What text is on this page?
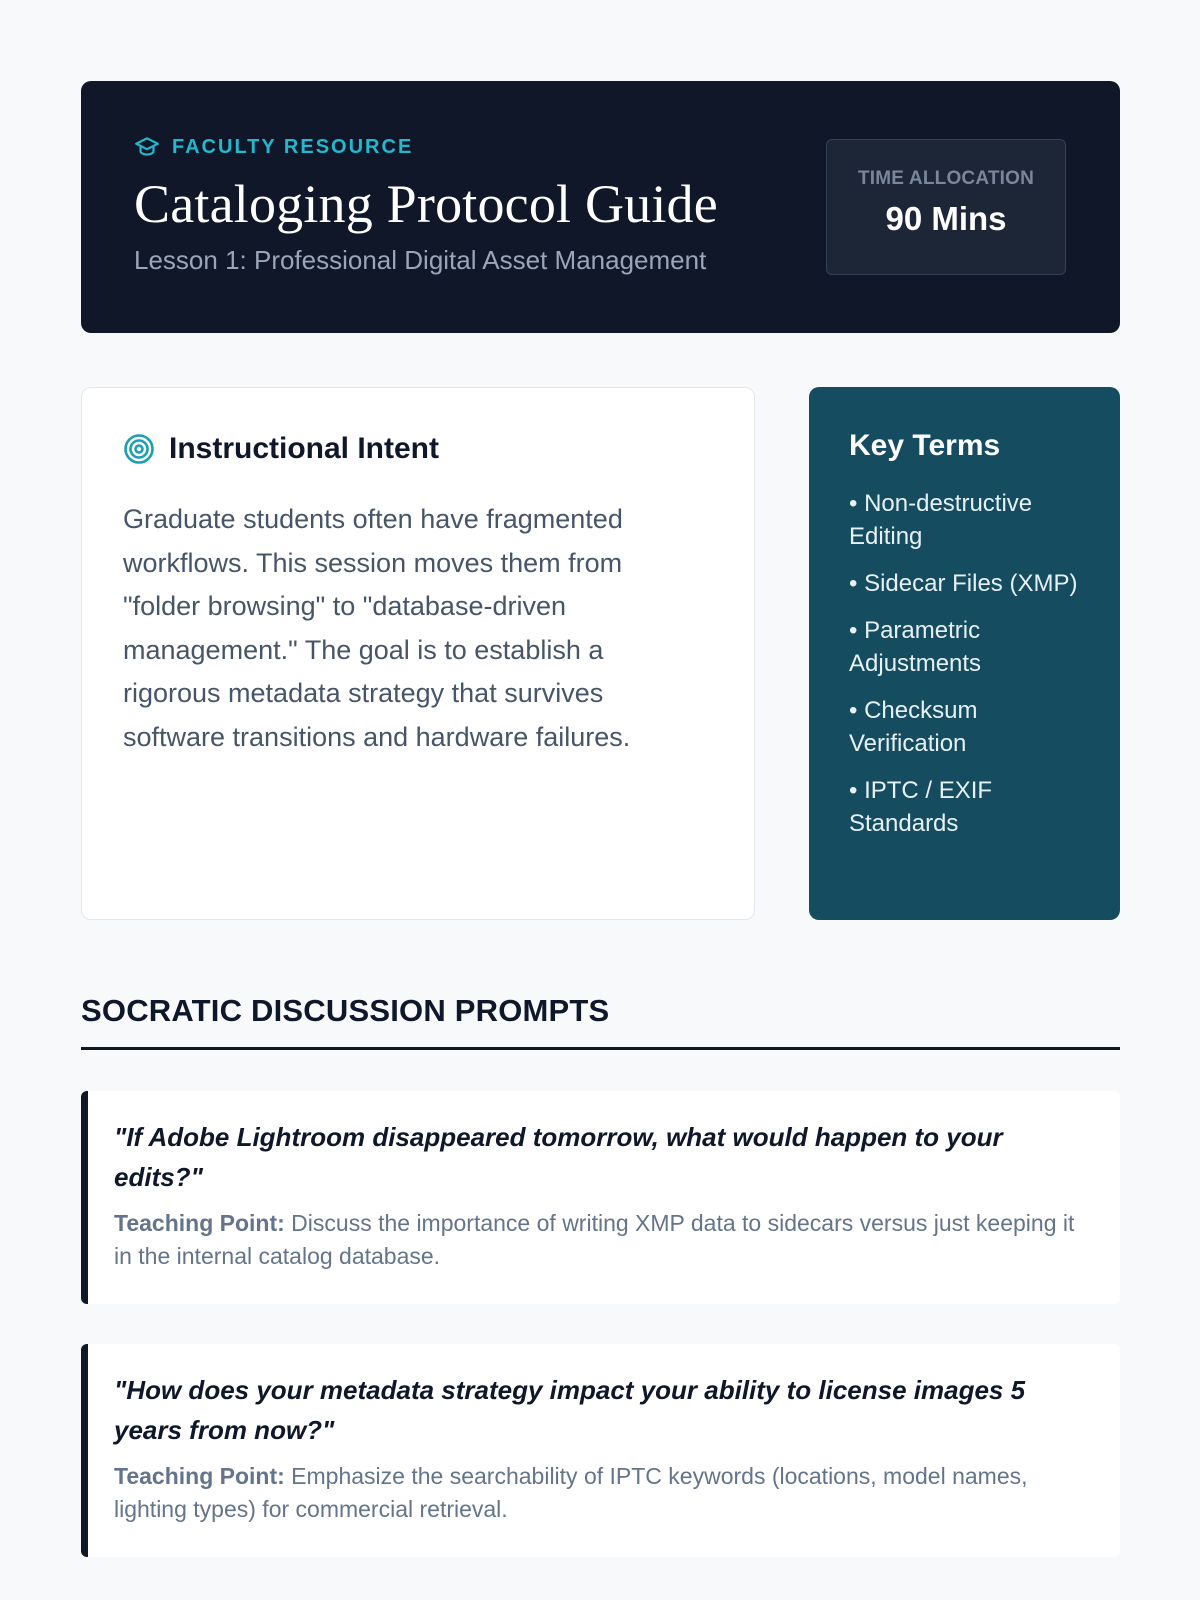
FACULTY RESOURCE
Cataloging Protocol Guide
Lesson 1: Professional Digital Asset Management
TIME ALLOCATION
90 Mins
Instructional Intent
Graduate students often have fragmented workflows. This session moves them from "folder browsing" to "database-driven management." The goal is to establish a rigorous metadata strategy that survives software transitions and hardware failures.
Key Terms
• Non-destructive Editing
• Sidecar Files (XMP)
• Parametric Adjustments
• Checksum Verification
• IPTC / EXIF Standards
SOCRATIC DISCUSSION PROMPTS
"If Adobe Lightroom disappeared tomorrow, what would happen to your edits?"
Teaching Point: Discuss the importance of writing XMP data to sidecars versus just keeping it in the internal catalog database.
"How does your metadata strategy impact your ability to license images 5 years from now?"
Teaching Point: Emphasize the searchability of IPTC keywords (locations, model names, lighting types) for commercial retrieval.
